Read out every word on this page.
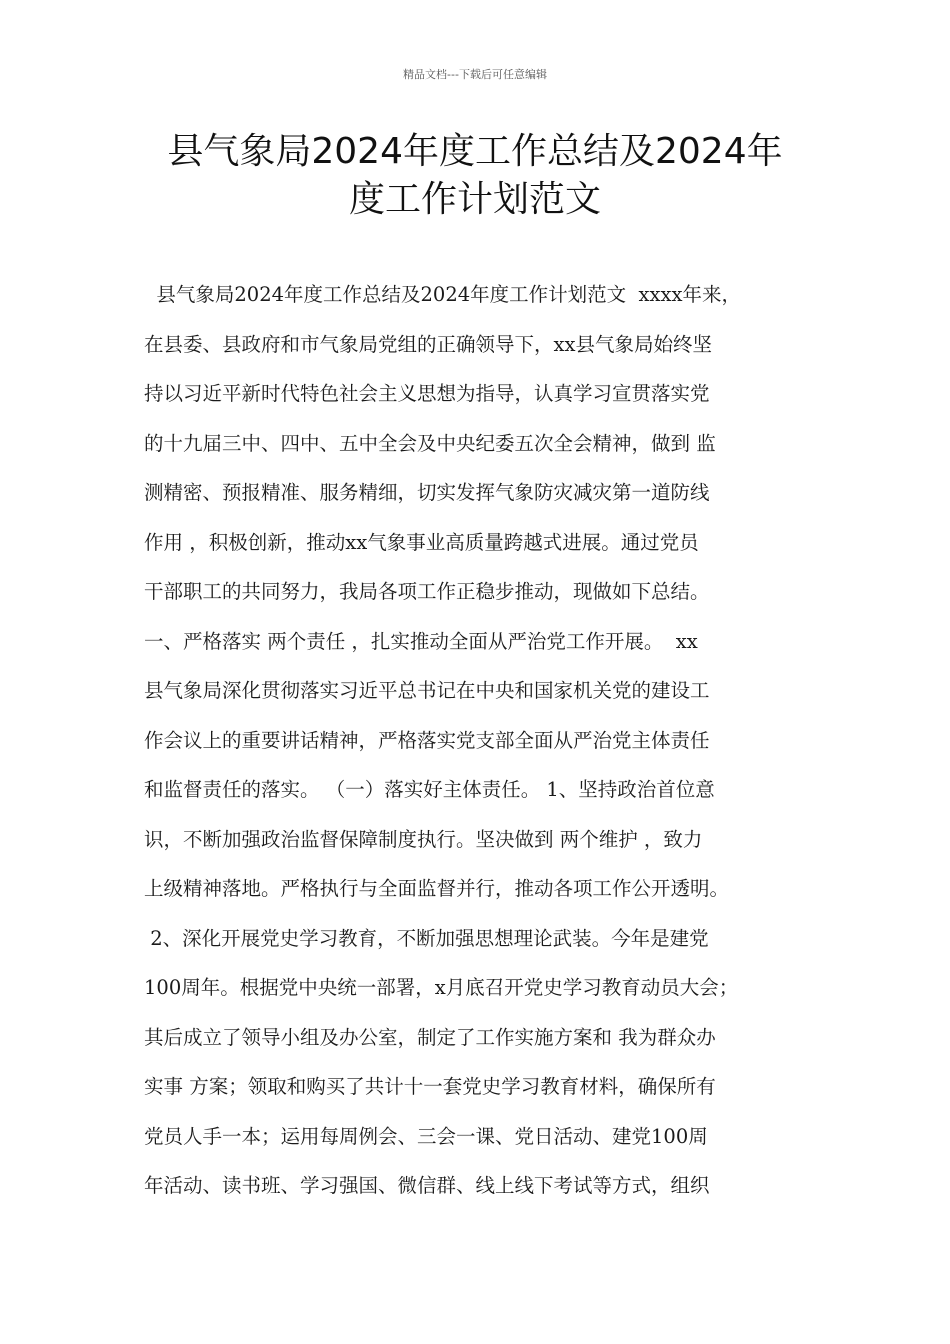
精品文档---下载后可任意编辑
县气象局2024年度工作总结及2024年
度工作计划范文
县气象局2024年度工作总结及2024年度工作计划范文  xxxx年来，
在县委、县政府和市气象局党组的正确领导下，xx县气象局始终坚
持以习近平新时代特色社会主义思想为指导，认真学习宣贯落实党
的十九届三中、四中、五中全会及中央纪委五次全会精神，做到 监
测精密、预报精准、服务精细，切实发挥气象防灾减灾第一道防线
作用 ，积极创新，推动xx气象事业高质量跨越式进展。通过党员
干部职工的共同努力，我局各项工作正稳步推动，现做如下总结。
一、严格落实 两个责任 ，扎实推动全面从严治党工作开展。  xx
县气象局深化贯彻落实习近平总书记在中央和国家机关党的建设工
作会议上的重要讲话精神，严格落实党支部全面从严治党主体责任
和监督责任的落实。 （一）落实好主体责任。 1、坚持政治首位意
识，不断加强政治监督保障制度执行。坚决做到 两个维护 ，致力
上级精神落地。严格执行与全面监督并行，推动各项工作公开透明。
2、深化开展党史学习教育，不断加强思想理论武装。今年是建党
100周年。根据党中央统一部署，x月底召开党史学习教育动员大会；
其后成立了领导小组及办公室，制定了工作实施方案和 我为群众办
实事 方案；领取和购买了共计十一套党史学习教育材料，确保所有
党员人手一本；运用每周例会、三会一课、党日活动、建党100周
年活动、读书班、学习强国、微信群、线上线下考试等方式，组织
